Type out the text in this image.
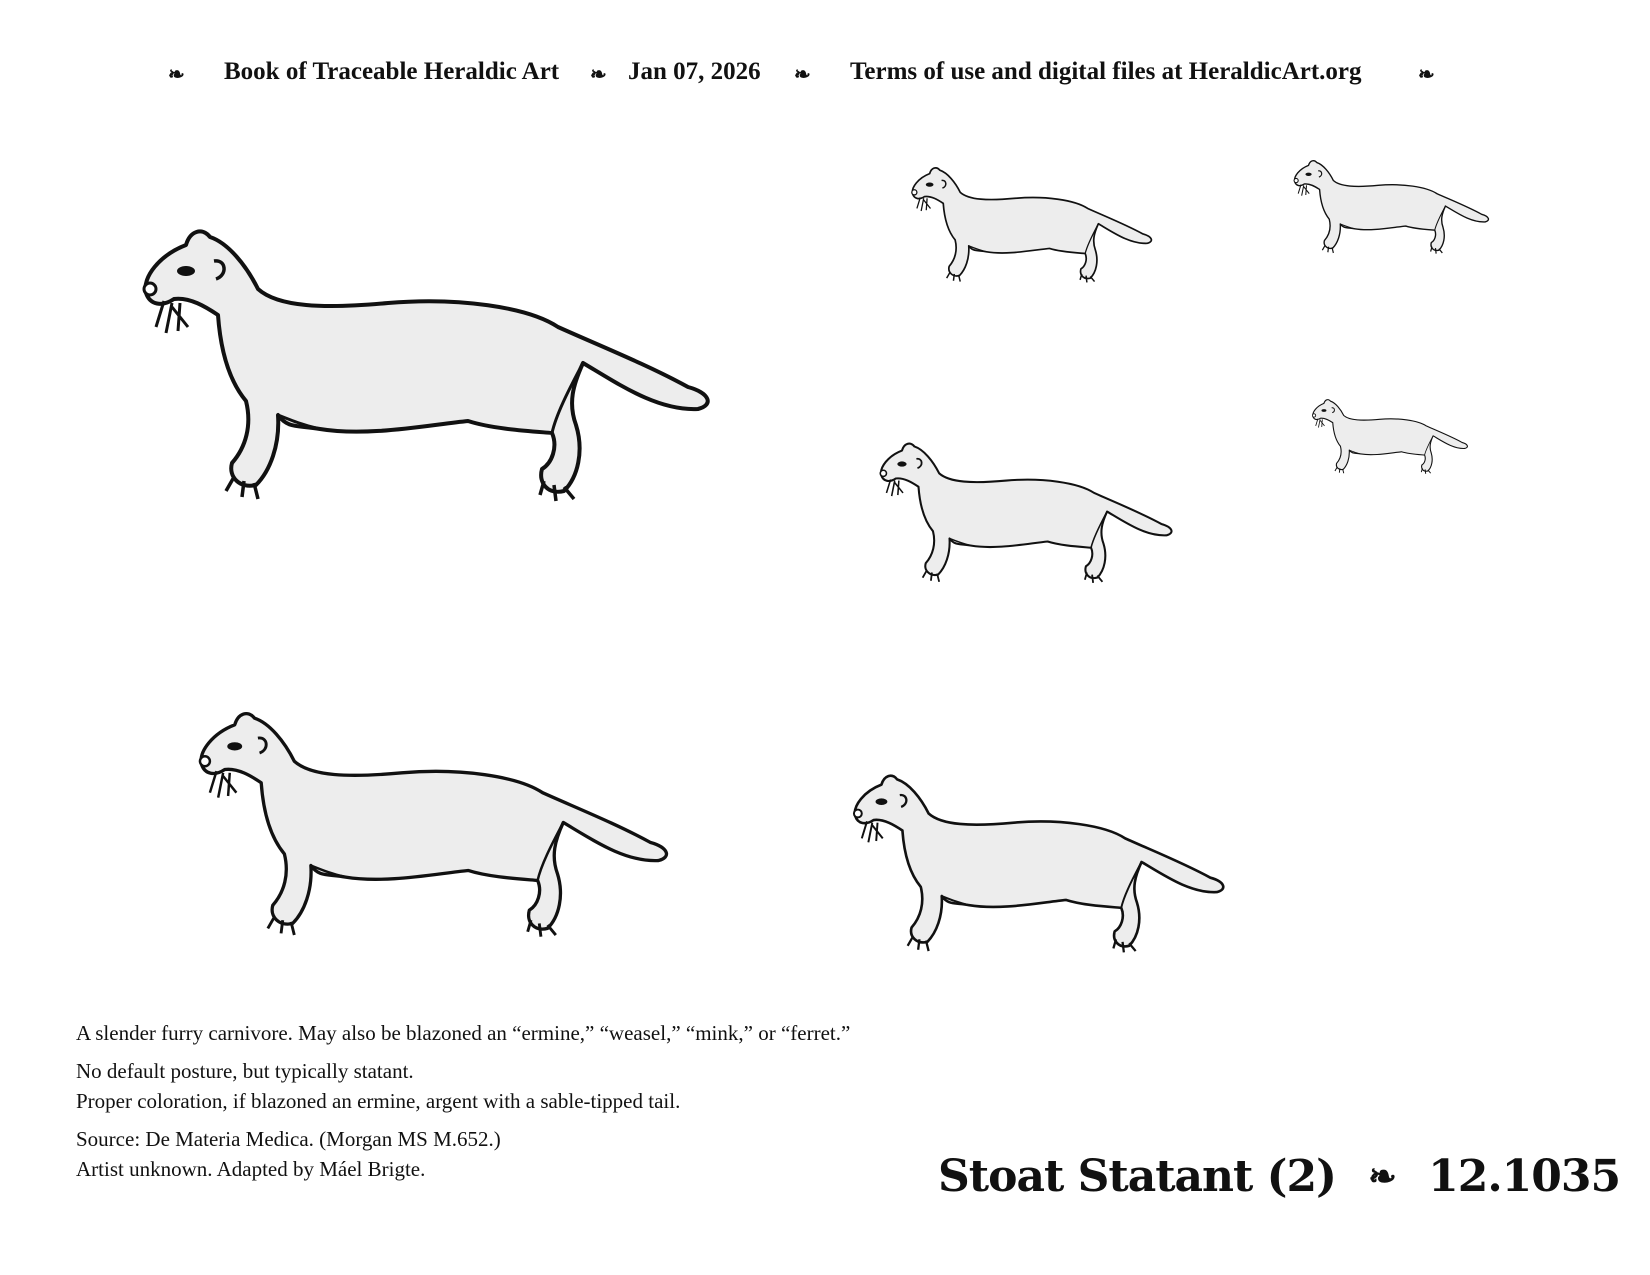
❧ Book of Traceable Heraldic Art ❧ Jan 07, 2026 ❧ Terms of use and digital files at HeraldicArt.org	❧
A slender furry carnivore. May also be blazoned an “ermine,” “weasel,” “mink,” or “ferret.”
No default posture, but typically statant.
Proper coloration, if blazoned an ermine, argent with a sable-tipped tail.
Source: De Materia Medica. (Morgan MS M.652.)
Artist unknown. Adapted by Máel Brigte.	Stoat Statant (2) ❧ 12.1035
